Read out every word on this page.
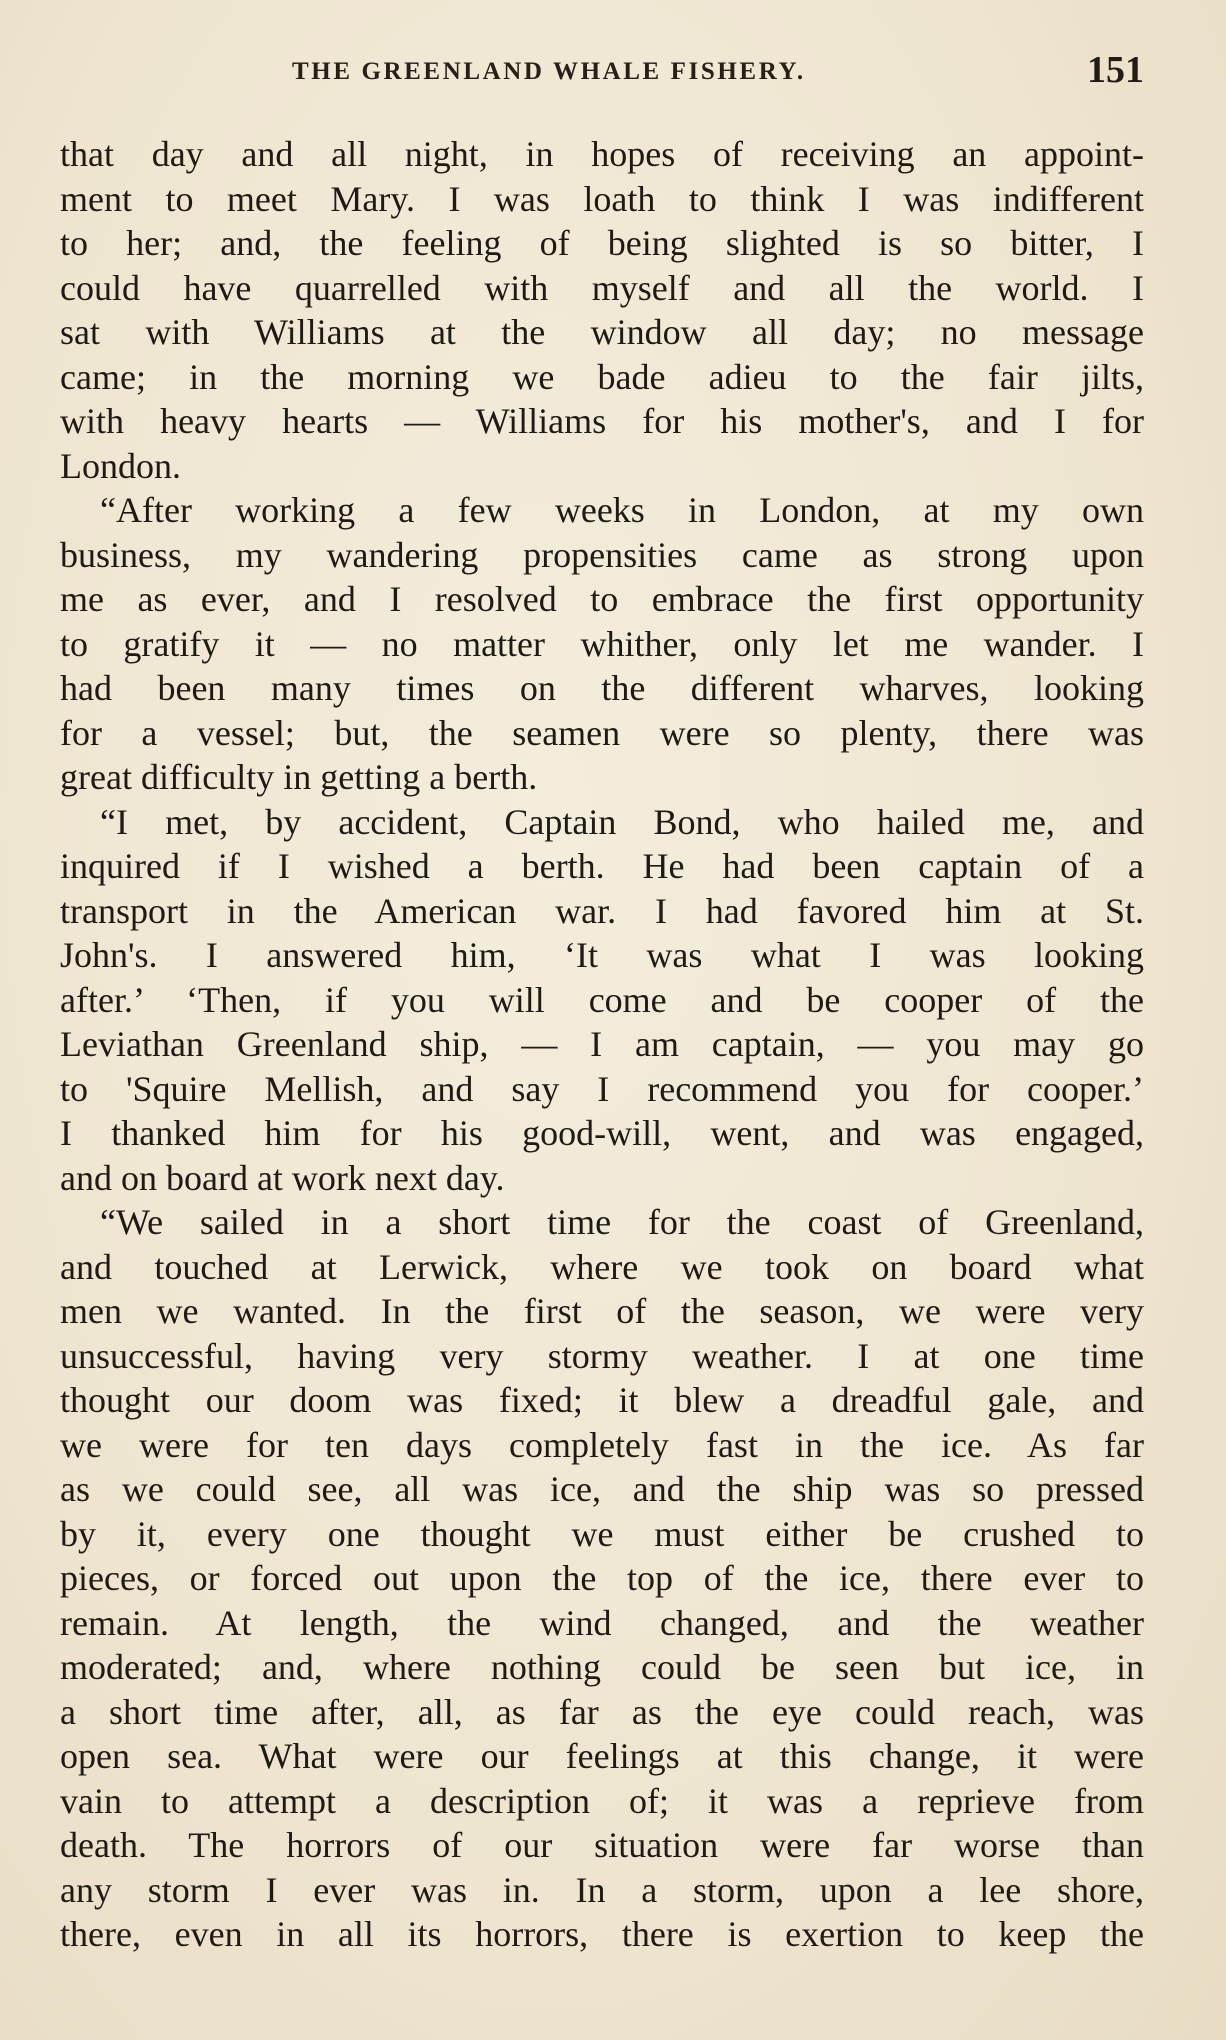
THE GREENLAND WHALE FISHERY.	151
that day and all night, in hopes of receiving an appoint-
ment to meet Mary. I was loath to think I was indifferent
to her; and, the feeling of being slighted is so bitter, I
could have quarrelled with myself and all the world. I
sat with Williams at the window all day; no message
came; in the morning we bade adieu to the fair jilts,
with heavy hearts — Williams for his mother's, and I for
London.
“After working a few weeks in London, at my own
business, my wandering propensities came as strong upon
me as ever, and I resolved to embrace the first opportunity
to gratify it — no matter whither, only let me wander. I
had been many times on the different wharves, looking
for a vessel; but, the seamen were so plenty, there was
great difficulty in getting a berth.
“I met, by accident, Captain Bond, who hailed me, and
inquired if I wished a berth. He had been captain of a
transport in the American war. I had favored him at St.
John's. I answered him, ‘It was what I was looking
after.’ ‘Then, if you will come and be cooper of the
Leviathan Greenland ship, — I am captain, — you may go
to 'Squire Mellish, and say I recommend you for cooper.’
I thanked him for his good-will, went, and was engaged,
and on board at work next day.
“We sailed in a short time for the coast of Greenland,
and touched at Lerwick, where we took on board what
men we wanted. In the first of the season, we were very
unsuccessful, having very stormy weather. I at one time
thought our doom was fixed; it blew a dreadful gale, and
we were for ten days completely fast in the ice. As far
as we could see, all was ice, and the ship was so pressed
by it, every one thought we must either be crushed to
pieces, or forced out upon the top of the ice, there ever to
remain. At length, the wind changed, and the weather
moderated; and, where nothing could be seen but ice, in
a short time after, all, as far as the eye could reach, was
open sea. What were our feelings at this change, it were
vain to attempt a description of; it was a reprieve from
death. The horrors of our situation were far worse than
any storm I ever was in. In a storm, upon a lee shore,
there, even in all its horrors, there is exertion to keep the
